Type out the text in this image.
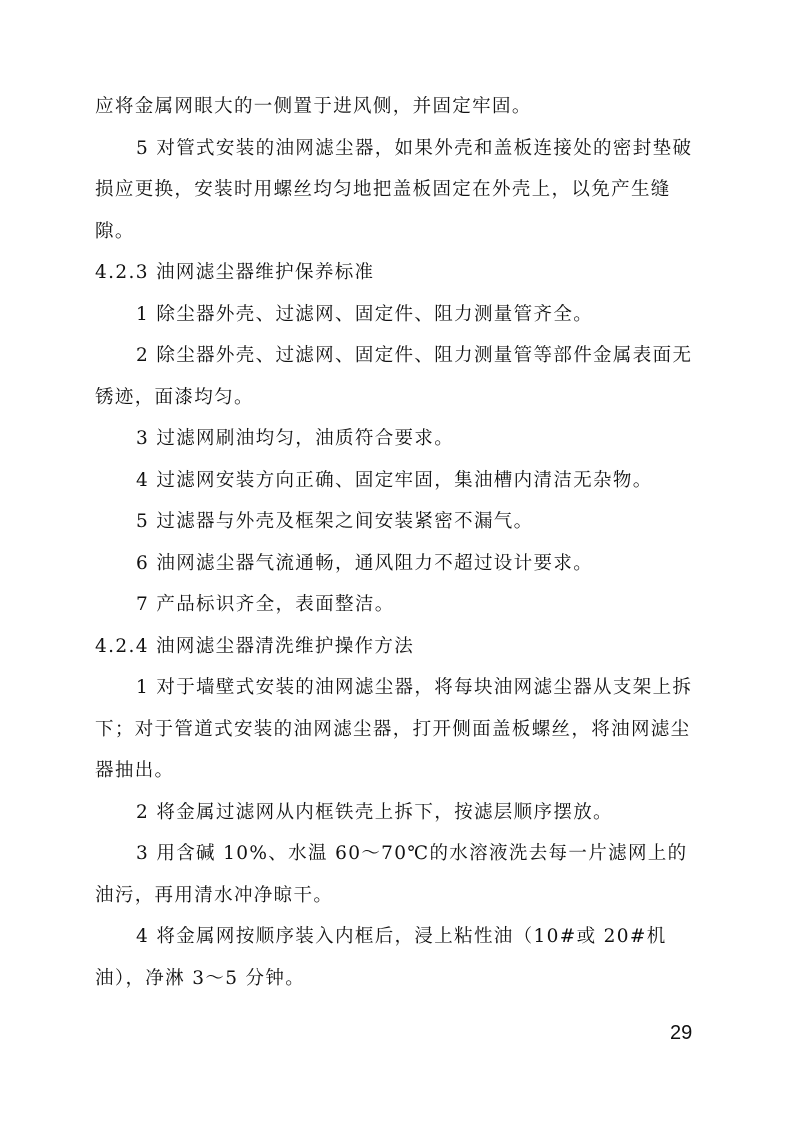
应将金属网眼大的一侧置于进风侧，并固定牢固。

5 对管式安装的油网滤尘器，如果外壳和盖板连接处的密封垫破损应更换，安装时用螺丝均匀地把盖板固定在外壳上，以免产生缝隙。

4.2.3 油网滤尘器维护保养标准

1 除尘器外壳、过滤网、固定件、阻力测量管齐全。

2 除尘器外壳、过滤网、固定件、阻力测量管等部件金属表面无锈迹，面漆均匀。

3 过滤网刷油均匀，油质符合要求。

4 过滤网安装方向正确、固定牢固，集油槽内清洁无杂物。

5 过滤器与外壳及框架之间安装紧密不漏气。

6 油网滤尘器气流通畅，通风阻力不超过设计要求。

7 产品标识齐全，表面整洁。

4.2.4 油网滤尘器清洗维护操作方法

1 对于墙壁式安装的油网滤尘器，将每块油网滤尘器从支架上拆下；对于管道式安装的油网滤尘器，打开侧面盖板螺丝，将油网滤尘器抽出。

2 将金属过滤网从内框铁壳上拆下，按滤层顺序摆放。

3 用含碱 10%、水温 60～70℃的水溶液洗去每一片滤网上的油污，再用清水冲净晾干。

4 将金属网按顺序装入内框后，浸上粘性油（10#或 20#机油），净淋 3～5 分钟。

29
